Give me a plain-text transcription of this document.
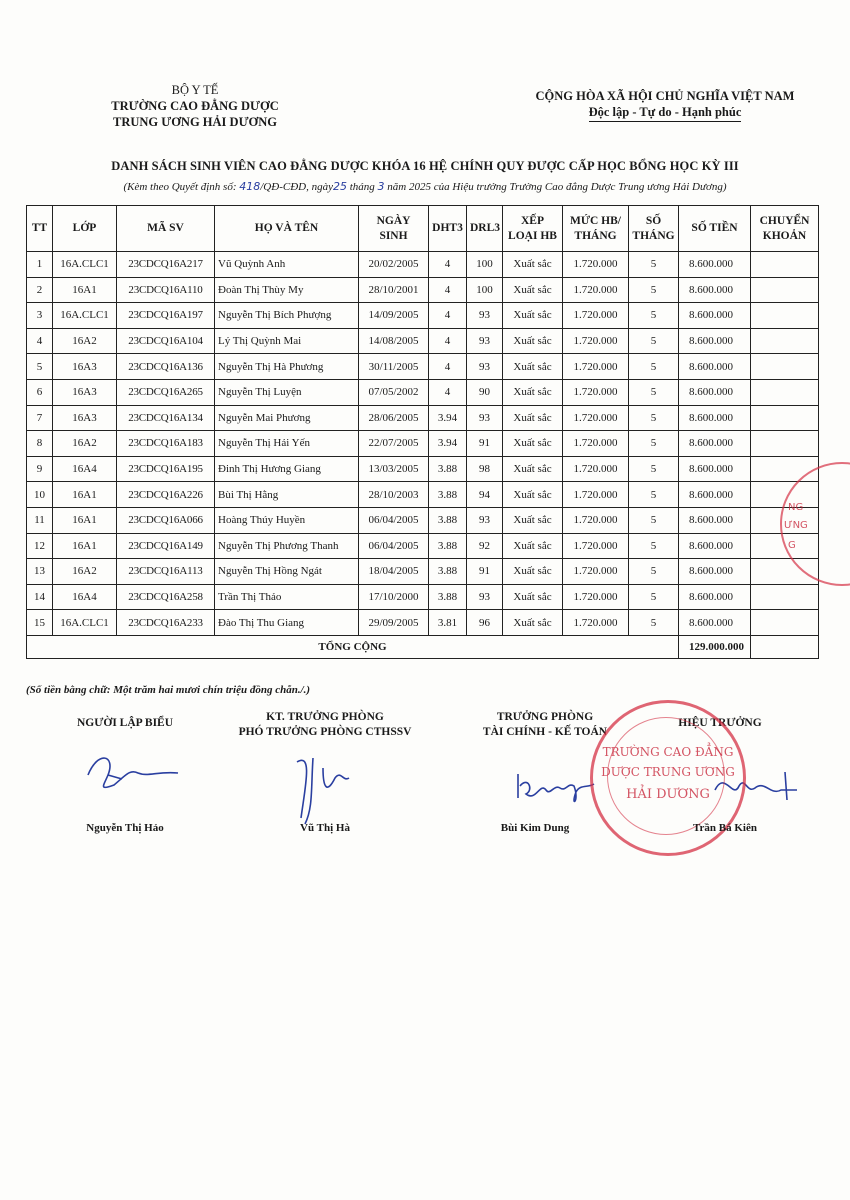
BỘ Y TẾ
TRƯỜNG CAO ĐẲNG DƯỢC
TRUNG ƯƠNG HẢI DƯƠNG
CỘNG HÒA XÃ HỘI CHỦ NGHĨA VIỆT NAM
Độc lập - Tự do - Hạnh phúc
DANH SÁCH SINH VIÊN CAO ĐẲNG DƯỢC KHÓA 16 HỆ CHÍNH QUY ĐƯỢC CẤP HỌC BỔNG HỌC KỲ III
(Kèm theo Quyết định số: 418/QĐ-CĐD, ngày25 tháng 3 năm 2025 của Hiệu trưởng Trường Cao đẳng Dược Trung ương Hải Dương)
TT	LỚP	MÃ SV	HỌ VÀ TÊN	NGÀY SINH	DHT3	DRL3	XẾP LOẠI HB	MỨC HB/ THÁNG	SỐ THÁNG	SỐ TIỀN	CHUYỂN KHOẢN
1	16A.CLC1	23CDCQ16A217	Vũ Quỳnh Anh	20/02/2005	4	100	Xuất sắc	1.720.000	5	8.600.000	
2	16A1	23CDCQ16A110	Đoàn Thị Thùy My	28/10/2001	4	100	Xuất sắc	1.720.000	5	8.600.000	
3	16A.CLC1	23CDCQ16A197	Nguyễn Thị Bích Phượng	14/09/2005	4	93	Xuất sắc	1.720.000	5	8.600.000	
4	16A2	23CDCQ16A104	Lý Thị Quỳnh Mai	14/08/2005	4	93	Xuất sắc	1.720.000	5	8.600.000	
5	16A3	23CDCQ16A136	Nguyễn Thị Hà Phương	30/11/2005	4	93	Xuất sắc	1.720.000	5	8.600.000	
6	16A3	23CDCQ16A265	Nguyễn Thị Luyện	07/05/2002	4	90	Xuất sắc	1.720.000	5	8.600.000	
7	16A3	23CDCQ16A134	Nguyễn Mai Phương	28/06/2005	3.94	93	Xuất sắc	1.720.000	5	8.600.000	
8	16A2	23CDCQ16A183	Nguyễn Thị Hải Yến	22/07/2005	3.94	91	Xuất sắc	1.720.000	5	8.600.000	
9	16A4	23CDCQ16A195	Đinh Thị Hương Giang	13/03/2005	3.88	98	Xuất sắc	1.720.000	5	8.600.000	
10	16A1	23CDCQ16A226	Bùi Thị Hằng	28/10/2003	3.88	94	Xuất sắc	1.720.000	5	8.600.000	
11	16A1	23CDCQ16A066	Hoàng Thúy Huyền	06/04/2005	3.88	93	Xuất sắc	1.720.000	5	8.600.000	
12	16A1	23CDCQ16A149	Nguyễn Thị Phương Thanh	06/04/2005	3.88	92	Xuất sắc	1.720.000	5	8.600.000	
13	16A2	23CDCQ16A113	Nguyễn Thị Hồng Ngát	18/04/2005	3.88	91	Xuất sắc	1.720.000	5	8.600.000	
14	16A4	23CDCQ16A258	Trần Thị Thảo	17/10/2000	3.88	93	Xuất sắc	1.720.000	5	8.600.000	
15	16A.CLC1	23CDCQ16A233	Đào Thị Thu Giang	29/09/2005	3.81	96	Xuất sắc	1.720.000	5	8.600.000	
TỔNG CỘNG										129.000.000	
(Số tiền bằng chữ: Một trăm hai mươi chín triệu đồng chẵn./.)
NGƯỜI LẬP BIỂU	KT. TRƯỞNG PHÒNG
PHÓ TRƯỞNG PHÒNG CTHSSV
TRƯỞNG PHÒNG
TÀI CHÍNH - KẾ TOÁN
HIỆU TRƯỞNG
TRƯỜNG CAO ĐẲNG
DƯỢC TRUNG ƯƠNG
HẢI DƯƠNG
NG
ƯNG
G
Nguyễn Thị Hảo	Vũ Thị Hà	Bùi Kim Dung	Trần Bá Kiên
